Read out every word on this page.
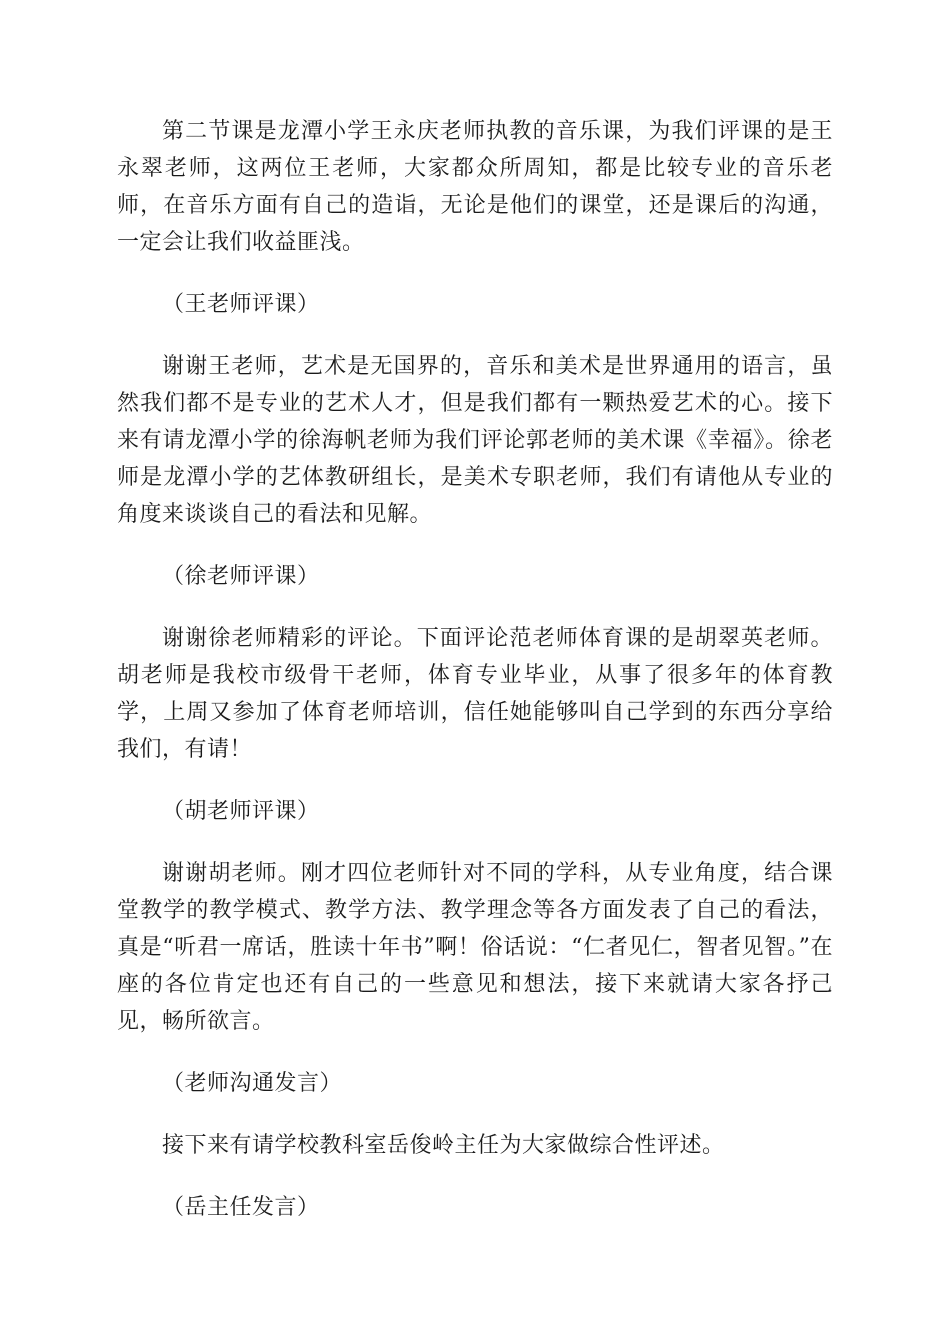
第二节课是龙潭小学王永庆老师执教的音乐课，为我们评课的是王永翠老师，这两位王老师，大家都众所周知，都是比较专业的音乐老师，在音乐方面有自己的造诣，无论是他们的课堂，还是课后的沟通，一定会让我们收益匪浅。

（王老师评课）

谢谢王老师，艺术是无国界的，音乐和美术是世界通用的语言，虽然我们都不是专业的艺术人才，但是我们都有一颗热爱艺术的心。接下来有请龙潭小学的徐海帆老师为我们评论郭老师的美术课《幸福》。徐老师是龙潭小学的艺体教研组长，是美术专职老师，我们有请他从专业的角度来谈谈自己的看法和见解。

（徐老师评课）

谢谢徐老师精彩的评论。下面评论范老师体育课的是胡翠英老师。胡老师是我校市级骨干老师，体育专业毕业，从事了很多年的体育教学，上周又参加了体育老师培训，信任她能够叫自己学到的东西分享给我们，有请！

（胡老师评课）

谢谢胡老师。刚才四位老师针对不同的学科，从专业角度，结合课堂教学的教学模式、教学方法、教学理念等各方面发表了自己的看法，真是“听君一席话，胜读十年书”啊！俗话说：“仁者见仁，智者见智。”在座的各位肯定也还有自己的一些意见和想法，接下来就请大家各抒己见，畅所欲言。

（老师沟通发言）

接下来有请学校教科室岳俊岭主任为大家做综合性评述。

（岳主任发言）
